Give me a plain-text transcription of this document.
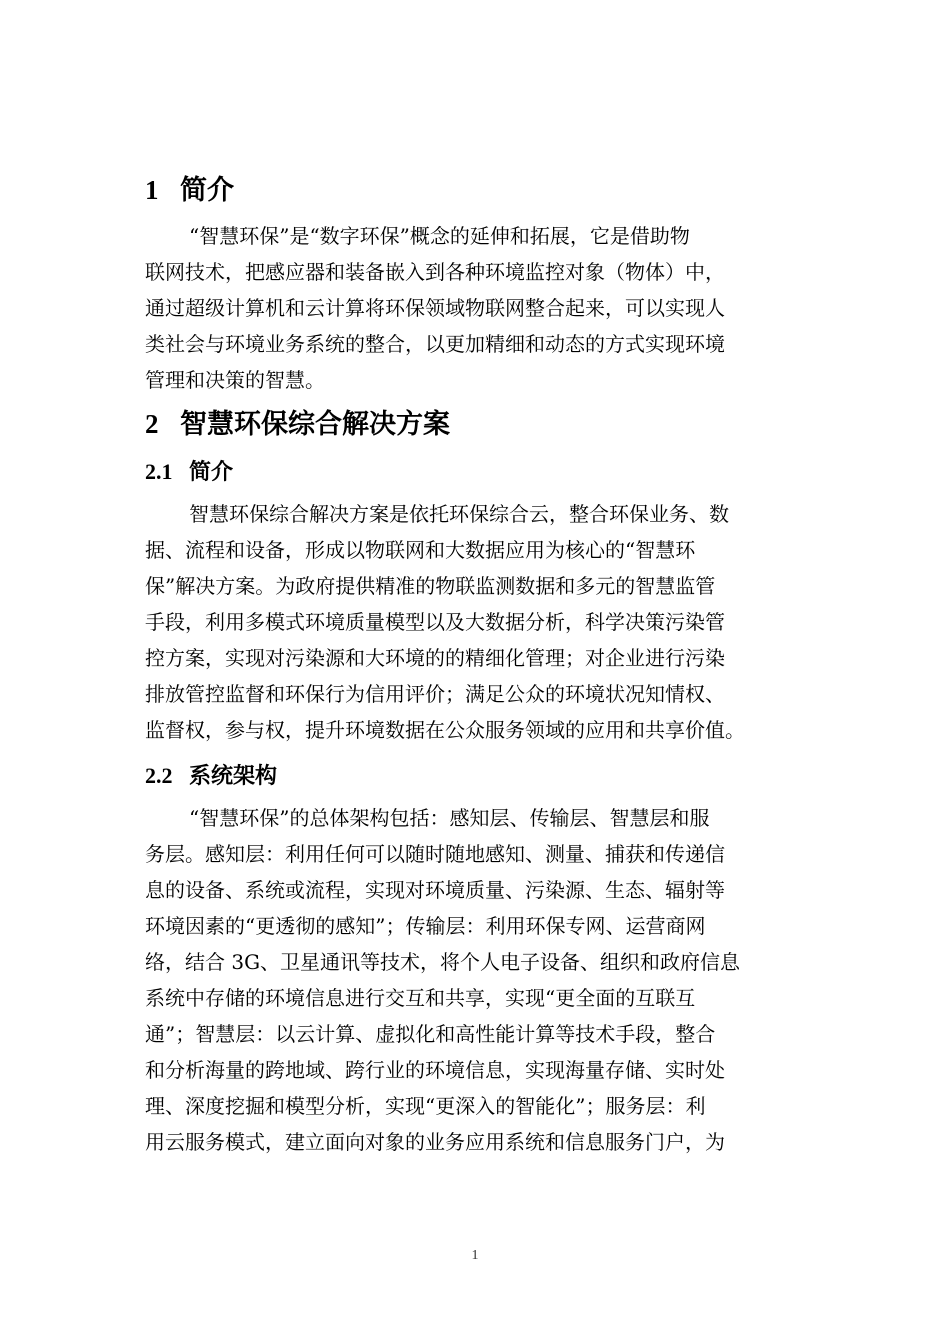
1 简介
“智慧环保”是“数字环保”概念的延伸和拓展，它是借助物
联网技术，把感应器和装备嵌入到各种环境监控对象（物体）中，
通过超级计算机和云计算将环保领域物联网整合起来，可以实现人
类社会与环境业务系统的整合，以更加精细和动态的方式实现环境
管理和决策的智慧。
2 智慧环保综合解决方案
2.1 简介
智慧环保综合解决方案是依托环保综合云，整合环保业务、数
据、流程和设备，形成以物联网和大数据应用为核心的“智慧环
保”解决方案。为政府提供精准的物联监测数据和多元的智慧监管
手段，利用多模式环境质量模型以及大数据分析，科学决策污染管
控方案，实现对污染源和大环境的的精细化管理；对企业进行污染
排放管控监督和环保行为信用评价；满足公众的环境状况知情权、
监督权，参与权，提升环境数据在公众服务领域的应用和共享价值。
2.2 系统架构
“智慧环保”的总体架构包括：感知层、传输层、智慧层和服
务层。感知层：利用任何可以随时随地感知、测量、捕获和传递信
息的设备、系统或流程，实现对环境质量、污染源、生态、辐射等
环境因素的“更透彻的感知”；传输层：利用环保专网、运营商网
络，结合 3G、卫星通讯等技术，将个人电子设备、组织和政府信息
系统中存储的环境信息进行交互和共享，实现“更全面的互联互
通”；智慧层：以云计算、虚拟化和高性能计算等技术手段，整合
和分析海量的跨地域、跨行业的环境信息，实现海量存储、实时处
理、深度挖掘和模型分析，实现“更深入的智能化”；服务层：利
用云服务模式，建立面向对象的业务应用系统和信息服务门户，为
1
